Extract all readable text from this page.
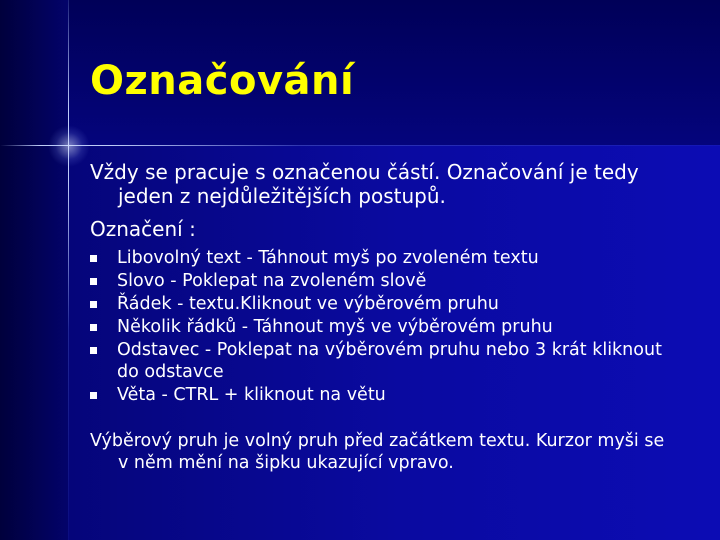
Označování

Vždy se pracuje s označenou částí. Označování je tedy
jeden z nejdůležitějších postupů.

Označení :

Libovolný text - Táhnout myš po zvoleném textu
Slovo - Poklepat na zvoleném slově
Řádek - textu.Kliknout ve výběrovém pruhu
Několik řádků - Táhnout myš ve výběrovém pruhu
Odstavec - Poklepat na výběrovém pruhu nebo 3 krát kliknout
do odstavce
Věta - CTRL + kliknout na větu

Výběrový pruh je volný pruh před začátkem textu. Kurzor myši se
v něm mění na šipku ukazující vpravo.
